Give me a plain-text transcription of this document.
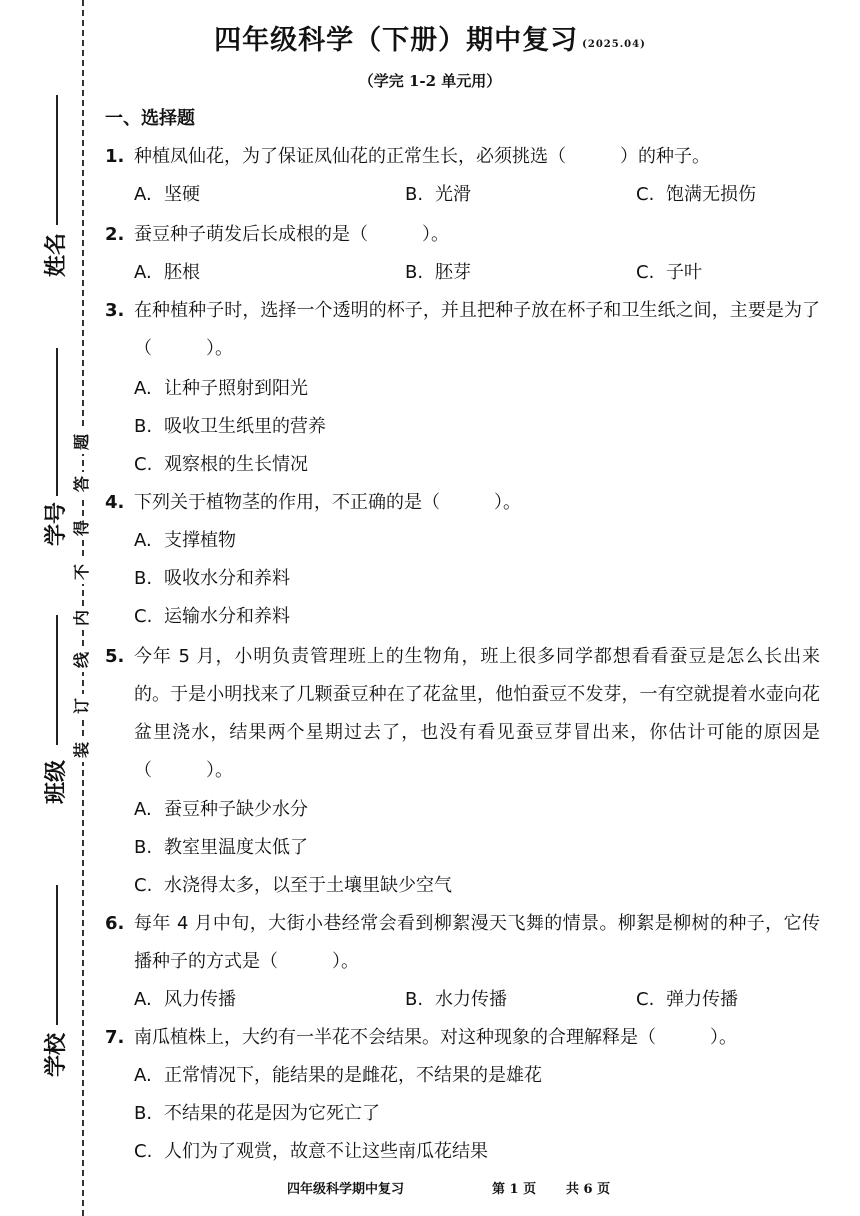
姓名
学号
班级
学校
题
答
得
不
内
线
订
装
四年级科学（下册）期中复习 (2025.04)
（学完 1-2 单元用）
一、选择题
1. 种植凤仙花，为了保证凤仙花的正常生长，必须挑选（　　　）的种子。
A. 坚硬	B. 光滑	C. 饱满无损伤
2. 蚕豆种子萌发后长成根的是（　　　）。
A. 胚根	B. 胚芽	C. 子叶
3. 在种植种子时，选择一个透明的杯子，并且把种子放在杯子和卫生纸之间，主要是为了（　　　）。
A. 让种子照射到阳光
B. 吸收卫生纸里的营养
C. 观察根的生长情况
4. 下列关于植物茎的作用，不正确的是（　　　）。
A. 支撑植物
B. 吸收水分和养料
C. 运输水分和养料
5. 今年 5 月，小明负责管理班上的生物角，班上很多同学都想看看蚕豆是怎么长出来的。于是小明找来了几颗蚕豆种在了花盆里，他怕蚕豆不发芽，一有空就提着水壶向花盆里浇水，结果两个星期过去了，也没有看见蚕豆芽冒出来，你估计可能的原因是（　　　）。
A. 蚕豆种子缺少水分
B. 教室里温度太低了
C. 水浇得太多，以至于土壤里缺少空气
6. 每年 4 月中旬，大街小巷经常会看到柳絮漫天飞舞的情景。柳絮是柳树的种子，它传播种子的方式是（　　　）。
A. 风力传播	B. 水力传播	C. 弹力传播
7. 南瓜植株上，大约有一半花不会结果。对这种现象的合理解释是（　　　）。
A. 正常情况下，能结果的是雌花，不结果的是雄花
B. 不结果的花是因为它死亡了
C. 人们为了观赏，故意不让这些南瓜花结果
四年级科学期中复习	第 1 页 共 6 页
